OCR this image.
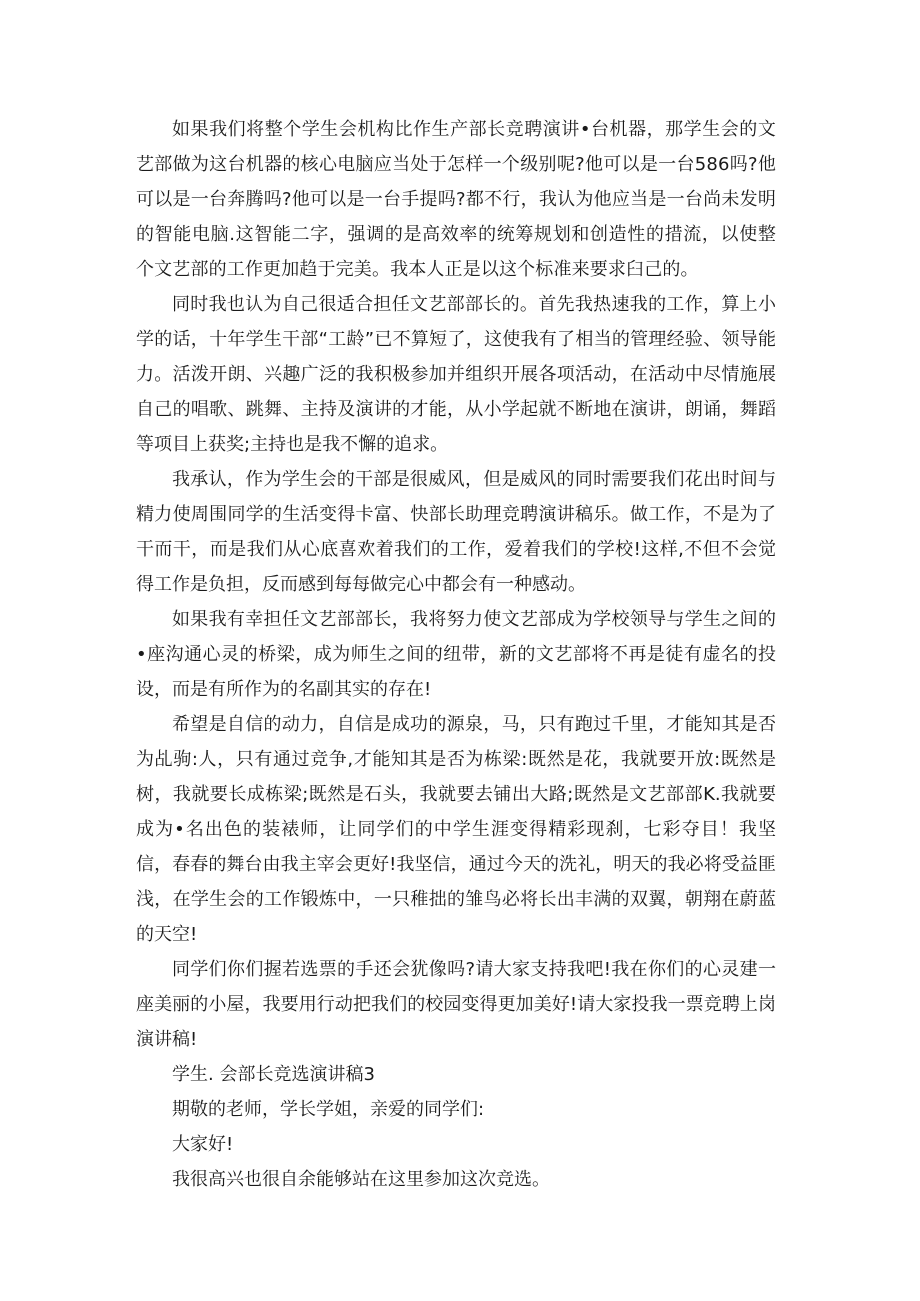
如果我们将整个学生会机构比作生产部长竞聘演讲•台机器，那学生会的文艺部做为这台机器的核心电脑应当处于怎样一个级别呢?他可以是一台586吗?他可以是一台奔腾吗?他可以是一台手提吗?都不行，我认为他应当是一台尚未发明的智能电脑.这智能二字，强调的是高效率的统筹规划和创造性的措流，以使整个文艺部的工作更加趋于完美。我本人正是以这个标准来要求臼己的。

同时我也认为自己很适合担任文艺部部长的。首先我热速我的工作，算上小学的话，十年学生干部“工龄”已不算短了，这使我有了相当的管理经验、领导能力。活泼开朗、兴趣广泛的我积极参加并组织开展各项活动，在活动中尽情施展自己的唱歌、跳舞、主持及演讲的才能，从小学起就不断地在演讲，朗诵，舞蹈等项目上获奖;主持也是我不懈的追求。

我承认，作为学生会的干部是很威风，但是威风的同时需要我们花出时间与精力使周围同学的生活变得卡富、快部长助理竞聘演讲稿乐。做工作，不是为了干而干，而是我们从心底喜欢着我们的工作，爱着我们的学校!这样,不但不会觉得工作是负担，反而感到每每做完心中都会有一种感动。

如果我有幸担任文艺部部长，我将努力使文艺部成为学校领导与学生之间的•座沟通心灵的桥梁，成为师生之间的纽带，新的文艺部将不再是徒有虚名的投设，而是有所作为的名副其实的存在!

希望是自信的动力，自信是成功的源泉，马，只有跑过千里，才能知其是否为乩驹:人，只有通过竞争,才能知其是否为栋梁:既然是花，我就要开放:既然是树，我就要长成栋梁;既然是石头，我就要去铺出大路;既然是文艺部部K.我就要成为•名出色的装裱师，让同学们的中学生涯变得精彩现刹，七彩夺目！我坚信，春春的舞台由我主宰会更好!我坚信，通过今天的洗礼，明天的我必将受益匪浅，在学生会的工作锻炼中，一只稚拙的雏鸟必将长出丰满的双翼，朝翔在蔚蓝的天空!

同学们你们握若选票的手还会犹像吗?请大家支持我吧!我在你们的心灵建一座美丽的小屋，我要用行动把我们的校园变得更加美好!请大家投我一票竞聘上岗演讲稿!

学生. 会部长竞选演讲稿3

期敬的老师，学长学姐，亲爱的同学们:

大家好!

我很高兴也很自余能够站在这里参加这次竞选。
